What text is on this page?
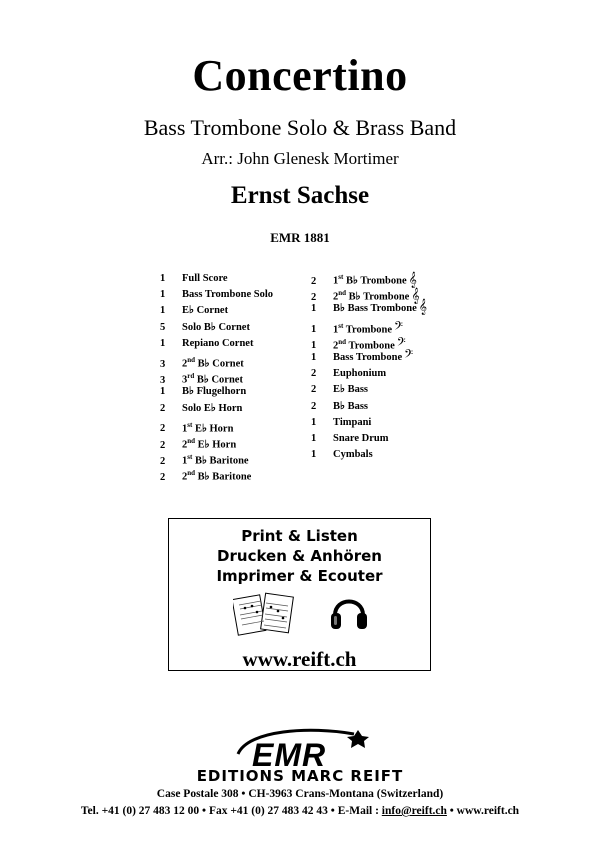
Concertino
Bass Trombone Solo & Brass Band
Arr.: John Glenesk Mortimer
Ernst Sachse
EMR 1881
1 Full Score
1 Bass Trombone Solo
1 E♭ Cornet
5 Solo B♭ Cornet
1 Repiano Cornet
3 2nd B♭ Cornet
3 3rd B♭ Cornet
1 B♭ Flugelhorn
2 Solo E♭ Horn
2 1st E♭ Horn
2 2nd E♭ Horn
2 1st B♭ Baritone
2 2nd B♭ Baritone
2 1st B♭ Trombone 𝄞
2 2nd B♭ Trombone 𝄞
1 B♭ Bass Trombone 𝄞
1 1st Trombone 𝄢
1 2nd Trombone 𝄢
1 Bass Trombone 𝄢
2 Euphonium
2 E♭ Bass
2 B♭ Bass
1 Timpani
1 Snare Drum
1 Cymbals
Print & Listen
Drucken & Anhören
Imprimer & Ecouter
www.reift.ch
EMR
EDITIONS MARC REIFT
Case Postale 308 • CH-3963 Crans-Montana (Switzerland)
Tel. +41 (0) 27 483 12 00 • Fax +41 (0) 27 483 42 43 • E-Mail : info@reift.ch • www.reift.ch
